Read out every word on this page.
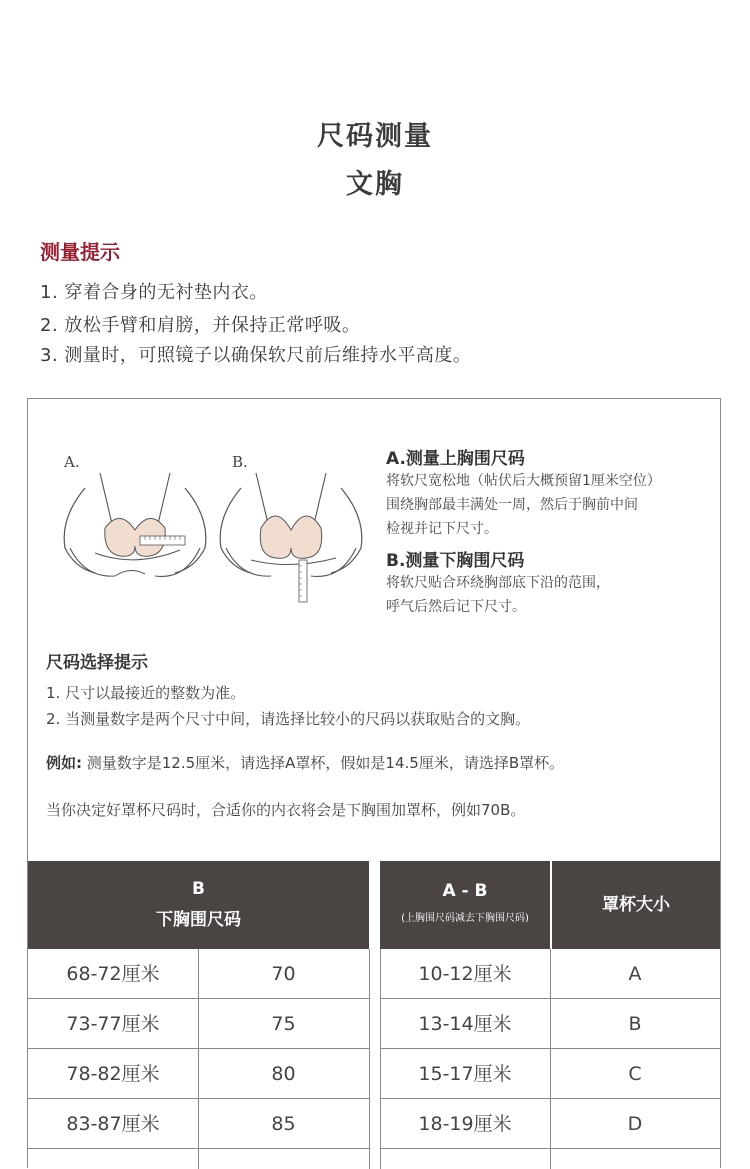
尺码测量
文胸
测量提示
1. 穿着合身的无衬垫内衣。
2. 放松手臂和肩膀，并保持正常呼吸。
3. 测量时，可照镜子以确保软尺前后维持水平高度。
A.	B.	A.测量上胸围尺码
将软尺宽松地（帖伏后大概预留1厘米空位）
围绕胸部最丰满处一周，然后于胸前中间
检视并记下尺寸。
B.测量下胸围尺码
将软尺贴合环绕胸部底下沿的范围，
呼气后然后记下尺寸。
尺码选择提示
1. 尺寸以最接近的整数为准。
2. 当测量数字是两个尺寸中间，请选择比较小的尺码以获取贴合的文胸。
例如: 测量数字是12.5厘米，请选择A罩杯，假如是14.5厘米，请选择B罩杯。
当你决定好罩杯尺码时，合适你的内衣将会是下胸围加罩杯，例如70B。
B
下胸围尺码
A - B
(上胸围尺码减去下胸围尺码)
罩杯大小
68-72厘米	70
73-77厘米	75
78-82厘米	80
83-87厘米	85
10-12厘米	A
13-14厘米	B
15-17厘米	C
18-19厘米	D
